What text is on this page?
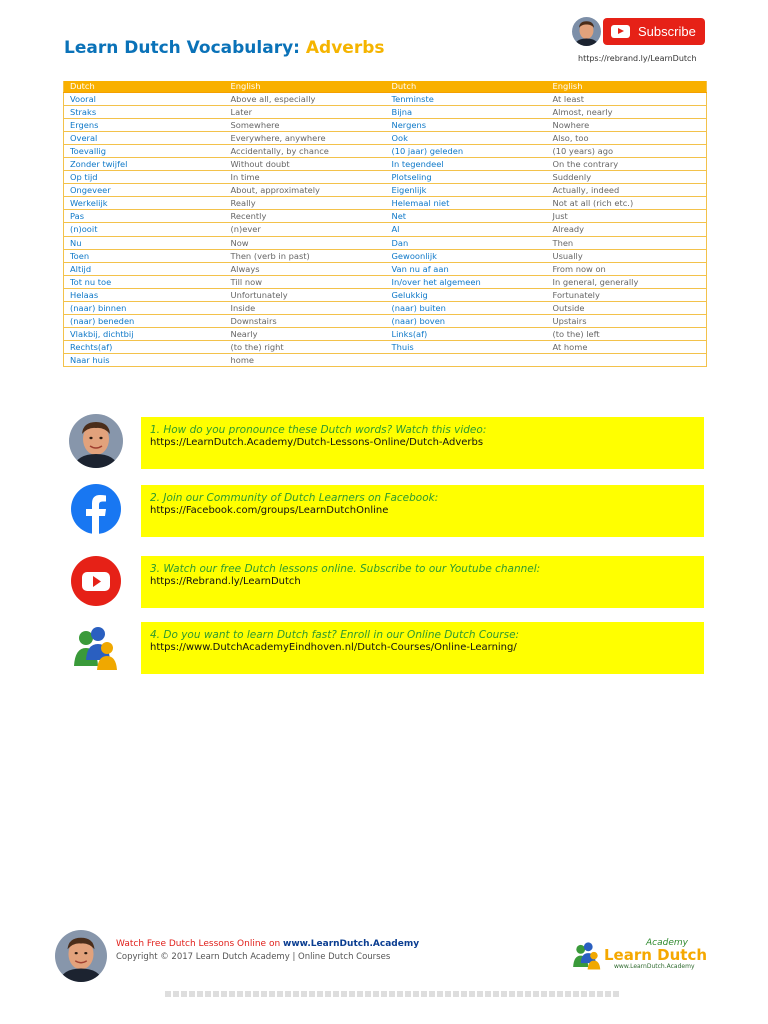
Learn Dutch Vocabulary: Adverbs
Subscribe
https://rebrand.ly/LearnDutch
Dutch	English	Dutch	English
Vooral	Above all, especially	Tenminste	At least
Straks	Later	Bijna	Almost, nearly
Ergens	Somewhere	Nergens	Nowhere
Overal	Everywhere, anywhere	Ook	Also, too
Toevallig	Accidentally, by chance	(10 jaar) geleden	(10 years) ago
Zonder twijfel	Without doubt	In tegendeel	On the contrary
Op tijd	In time	Plotseling	Suddenly
Ongeveer	About, approximately	Eigenlijk	Actually, indeed
Werkelijk	Really	Helemaal niet	Not at all (rich etc.)
Pas	Recently	Net	Just
(n)ooit	(n)ever	Al	Already
Nu	Now	Dan	Then
Toen	Then (verb in past)	Gewoonlijk	Usually
Altijd	Always	Van nu af aan	From now on
Tot nu toe	Till now	In/over het algemeen	In general, generally
Helaas	Unfortunately	Gelukkig	Fortunately
(naar) binnen	Inside	(naar) buiten	Outside
(naar) beneden	Downstairs	(naar) boven	Upstairs
Vlakbij, dichtbij	Nearly	Links(af)	(to the) left
Rechts(af)	(to the) right	Thuis	At home
Naar huis	home		
1. How do you pronounce these Dutch words? Watch this video:
https://LearnDutch.Academy/Dutch-Lessons-Online/Dutch-Adverbs
2. Join our Community of Dutch Learners on Facebook:
https://Facebook.com/groups/LearnDutchOnline
3. Watch our free Dutch lessons online. Subscribe to our Youtube channel:
https://Rebrand.ly/LearnDutch
4. Do you want to learn Dutch fast? Enroll in our Online Dutch Course:
https://www.DutchAcademyEindhoven.nl/Dutch-Courses/Online-Learning/
Watch Free Dutch Lessons Online on www.LearnDutch.Academy
Copyright © 2017 Learn Dutch Academy | Online Dutch Courses
Academy
Learn Dutch
www.LearnDutch.Academy
